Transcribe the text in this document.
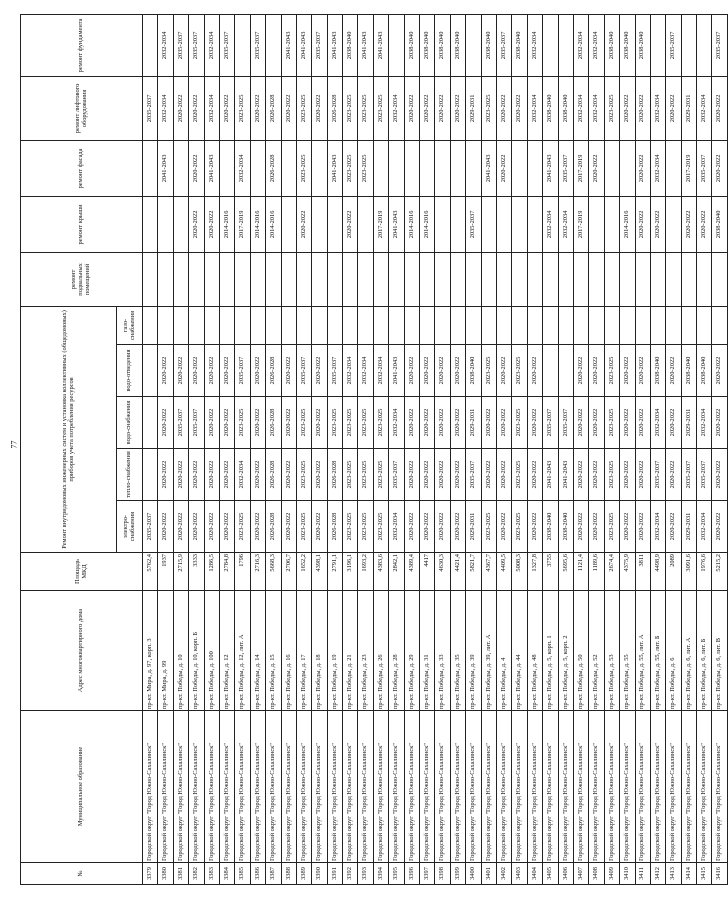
77
№	Муниципальное образование	Адрес многоквартирного дома	Площадь МКД	Ремонт внутридомовых инженерных систем и установка коллективных (общедомовых) приборов учета потребления ресурсов					ремонт подвальных помещений	ремонт крыши	ремонт фасада	ремонт лифтового оборудования	ремонт фундамента
				электро-снабжения	тепло-снабжения	водо-снабжения	водо-отведения	газо-снабжения					
3379	Городской округ "Город Южно-Сахалинск"	пр-кт. Мира, д. 97, корп. 3	5762,4	2035-2037								2035-2037	
3380	Городской округ "Город Южно-Сахалинск"	пр-кт. Мира, д. 99	1937	2020-2022	2020-2022	2020-2022	2020-2022				2041-2043	2032-2034	2032-2034
3381	Городской округ "Город Южно-Сахалинск"	пр-кт. Победы, д. 10	2715,9	2020-2022	2020-2022	2035-2037	2020-2022					2020-2022	2035-2037
3382	Городской округ "Город Южно-Сахалинск"	пр-кт. Победы, д. 10, корп. Б	3333	2020-2022	2020-2022	2035-2037	2020-2022			2020-2022	2020-2022	2020-2022	2035-2037
3383	Городской округ "Город Южно-Сахалинск"	пр-кт. Победы, д. 100	1286,5	2020-2022	2020-2022	2020-2022	2020-2022			2020-2022	2041-2043	2032-2034	2032-2034
3384	Городской округ "Город Южно-Сахалинск"	пр-кт. Победы, д. 12	2784,8	2020-2022	2020-2022	2020-2022	2020-2022			2014-2016		2020-2022	2035-2037
3385	Городской округ "Город Южно-Сахалинск"	пр-кт. Победы, д. 12, лит. А	1796	2023-2025	2032-2034	2023-2025	2035-2037			2017-2019	2032-2034	2023-2025	
3386	Городской округ "Город Южно-Сахалинск"	пр-кт. Победы, д. 14	2716,3	2020-2022	2020-2022	2020-2022	2020-2022			2014-2016		2020-2022	2035-2037
3387	Городской округ "Город Южно-Сахалинск"	пр-кт. Победы, д. 15	5668,3	2026-2028	2026-2028	2026-2028	2026-2028			2014-2016	2026-2028	2026-2028	
3388	Городской округ "Город Южно-Сахалинск"	пр-кт. Победы, д. 16	2706,7	2020-2022	2020-2022	2020-2022	2020-2022					2020-2022	2041-2043
3389	Городской округ "Город Южно-Сахалинск"	пр-кт. Победы, д. 17	1652,2	2023-2025	2023-2025	2023-2025	2035-2037			2020-2022	2023-2025	2023-2025	2041-2043
3390	Городской округ "Город Южно-Сахалинск"	пр-кт. Победы, д. 18	4398,1	2020-2022	2020-2022	2020-2022	2020-2022					2020-2022	2035-2037
3391	Городской округ "Город Южно-Сахалинск"	пр-кт. Победы, д. 19	2791,1	2026-2028	2026-2028	2023-2025	2035-2037				2041-2043	2026-2028	2041-2043
3392	Городской округ "Город Южно-Сахалинск"	пр-кт. Победы, д. 21	3196,1	2023-2025	2023-2025	2023-2025	2032-2034			2020-2022	2023-2025	2023-2025	2038-2040
3393	Городской округ "Город Южно-Сахалинск"	пр-кт. Победы, д. 23	1693,2	2023-2025	2023-2025	2023-2025	2032-2034				2023-2025	2023-2025	2041-2043
3394	Городской округ "Город Южно-Сахалинск"	пр-кт. Победы, д. 26	4383,6	2023-2025	2023-2025	2023-2025	2032-2034			2017-2019		2023-2025	2041-2043
3395	Городской округ "Город Южно-Сахалинск"	пр-кт. Победы, д. 28	2842,1	2032-2034	2035-2037	2032-2034	2041-2043			2041-2043		2032-2034	
3396	Городской округ "Город Южно-Сахалинск"	пр-кт. Победы, д. 29	4389,4	2020-2022	2020-2022	2020-2022	2020-2022			2014-2016		2020-2022	2038-2040
3397	Городской округ "Город Южно-Сахалинск"	пр-кт. Победы, д. 31	4417	2020-2022	2020-2022	2020-2022	2020-2022			2014-2016		2020-2022	2038-2040
3398	Городской округ "Город Южно-Сахалинск"	пр-кт. Победы, д. 33	4630,3	2020-2022	2020-2022	2020-2022	2020-2022					2020-2022	2038-2040
3399	Городской округ "Город Южно-Сахалинск"	пр-кт. Победы, д. 35	4421,4	2020-2022	2020-2022	2020-2022	2020-2022					2020-2022	2038-2040
3400	Городской округ "Город Южно-Сахалинск"	пр-кт. Победы, д. 39	5821,7	2029-2031	2035-2037	2029-2031	2038-2040			2035-2037		2029-2031	
3401	Городской округ "Город Южно-Сахалинск"	пр-кт. Победы, д. 39, лит. А	4367,7	2023-2025	2020-2022	2020-2022	2023-2025				2041-2043	2023-2025	2038-2040
3402	Городской округ "Город Южно-Сахалинск"	пр-кт. Победы, д. 4	4409,5	2020-2022	2020-2022	2020-2022	2020-2022				2020-2022	2020-2022	2035-2037
3403	Городской округ "Город Южно-Сахалинск"	пр-кт. Победы, д. 44	5008,3	2023-2025	2023-2025	2023-2025	2023-2025					2020-2022	2038-2040
3404	Городской округ "Город Южно-Сахалинск"	пр-кт. Победы, д. 48	1327,8	2020-2022	2020-2022	2020-2022	2020-2022					2032-2034	2032-2034
3405	Городской округ "Город Южно-Сахалинск"	пр-кт. Победы, д. 5, корп. 1	3755	2038-2040	2041-2043	2035-2037				2032-2034	2041-2043	2038-2040	
3406	Городской округ "Город Южно-Сахалинск"	пр-кт. Победы, д. 5, корп. 2	5695,6	2038-2040	2041-2043	2035-2037				2032-2034	2035-2037	2038-2040	
3407	Городской округ "Город Южно-Сахалинск"	пр-кт. Победы, д. 50	1121,4	2020-2022	2020-2022	2020-2022	2020-2022			2017-2019	2017-2019	2032-2034	2032-2034
3408	Городской округ "Город Южно-Сахалинск"	пр-кт. Победы, д. 52	1189,6	2020-2022	2020-2022	2020-2022	2020-2022				2020-2022	2032-2034	2032-2034
3409	Городской округ "Город Южно-Сахалинск"	пр-кт. Победы, д. 53	2674,4	2023-2025	2023-2025	2023-2025	2023-2025					2023-2025	2038-2040
3410	Городской округ "Город Южно-Сахалинск"	пр-кт. Победы, д. 55	4375,9	2020-2022	2020-2022	2020-2022	2020-2022			2014-2016		2020-2022	2038-2040
3411	Городской округ "Город Южно-Сахалинск"	пр-кт. Победы, д. 55, лит. А	3811	2020-2022	2020-2022	2020-2022	2020-2022			2020-2022	2020-2022	2020-2022	2038-2040
3412	Городской округ "Город Южно-Сахалинск"	пр-кт. Победы, д. 55, лит. Б	4498,9	2032-2034	2035-2037	2032-2034	2038-2040			2020-2022	2032-2034	2032-2034	
3413	Городской округ "Город Южно-Сахалинск"	пр-кт. Победы, д. 6	2089	2020-2022	2020-2022	2020-2022	2020-2022					2020-2022	2035-2037
3414	Городской округ "Город Южно-Сахалинск"	пр-кт. Победы, д. 6, лит. А	3091,6	2029-2031	2035-2037	2029-2031	2038-2040			2020-2022	2017-2019	2029-2031	
3415	Городской округ "Город Южно-Сахалинск"	пр-кт. Победы, д. 6, лит. Б	1976,6	2032-2034	2035-2037	2032-2034	2038-2040			2020-2022	2035-2037	2032-2034	
3416	Городской округ "Город Южно-Сахалинск"	пр-кт. Победы, д. 6, лит. В	5215,2	2020-2022	2020-2022	2020-2022	2020-2022			2038-2040	2020-2022	2020-2022	2035-2037
